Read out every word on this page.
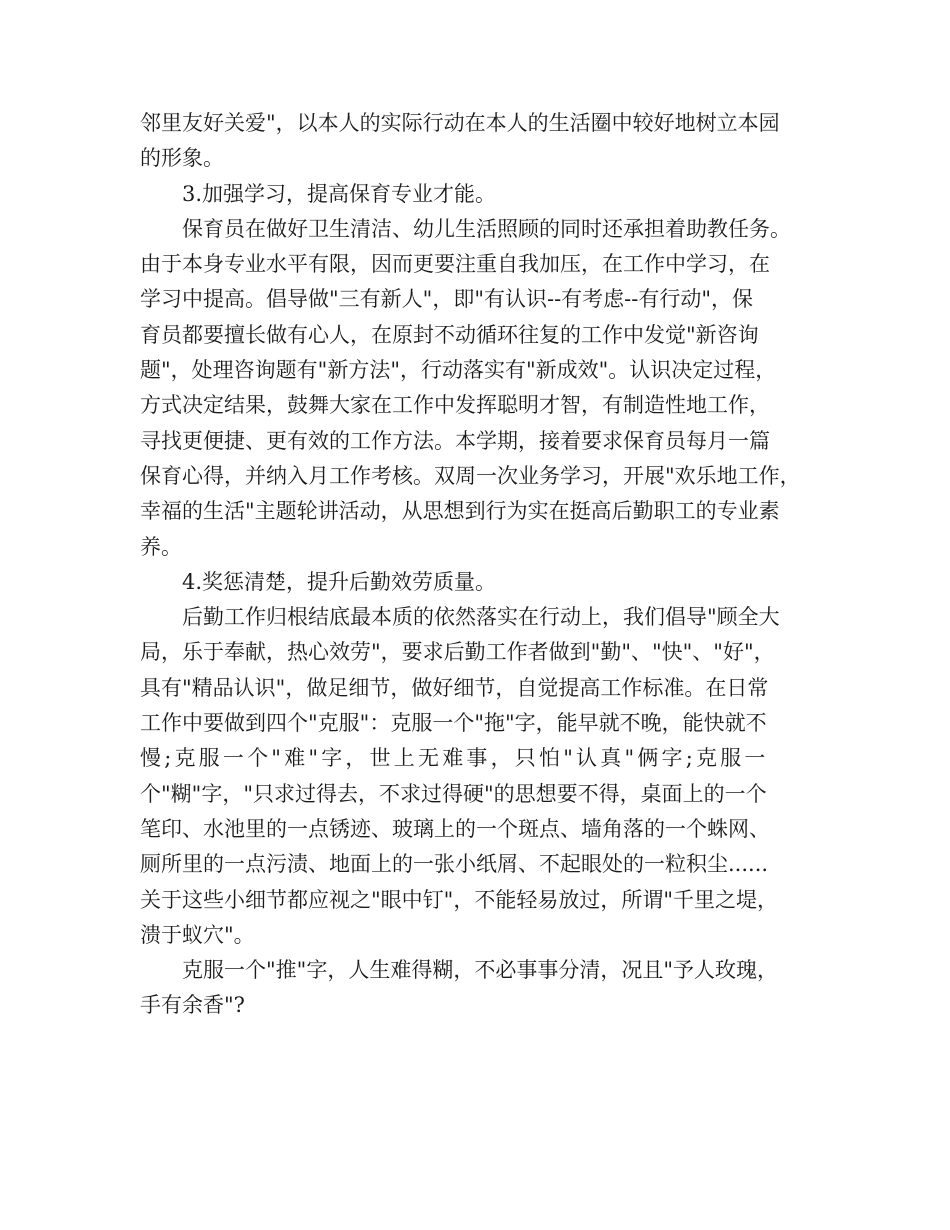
邻里友好关爱"，以本人的实际行动在本人的生活圈中较好地树立本园
的形象。
3.加强学习，提高保育专业才能。
保育员在做好卫生清洁、幼儿生活照顾的同时还承担着助教任务。
由于本身专业水平有限，因而更要注重自我加压，在工作中学习，在
学习中提高。倡导做"三有新人"，即"有认识--有考虑--有行动"，保
育员都要擅长做有心人，在原封不动循环往复的工作中发觉"新咨询
题"，处理咨询题有"新方法"，行动落实有"新成效"。认识决定过程，
方式决定结果，鼓舞大家在工作中发挥聪明才智，有制造性地工作，
寻找更便捷、更有效的工作方法。本学期，接着要求保育员每月一篇
保育心得，并纳入月工作考核。双周一次业务学习，开展"欢乐地工作，
幸福的生活"主题轮讲活动，从思想到行为实在挺高后勤职工的专业素
养。
4.奖惩清楚，提升后勤效劳质量。
后勤工作归根结底最本质的依然落实在行动上，我们倡导"顾全大
局，乐于奉献，热心效劳"，要求后勤工作者做到"勤"、"快"、"好"，
具有"精品认识"，做足细节，做好细节，自觉提高工作标准。在日常
工作中要做到四个"克服"：克服一个"拖"字，能早就不晚，能快就不
慢;克服一个"难"字，世上无难事，只怕"认真"俩字;克服一
个"糊"字，"只求过得去，不求过得硬"的思想要不得，桌面上的一个
笔印、水池里的一点锈迹、玻璃上的一个斑点、墙角落的一个蛛网、
厕所里的一点污渍、地面上的一张小纸屑、不起眼处的一粒积尘......
关于这些小细节都应视之"眼中钉"，不能轻易放过，所谓"千里之堤，
溃于蚁穴"。
克服一个"推"字，人生难得糊，不必事事分清，况且"予人玫瑰，
手有余香"?
